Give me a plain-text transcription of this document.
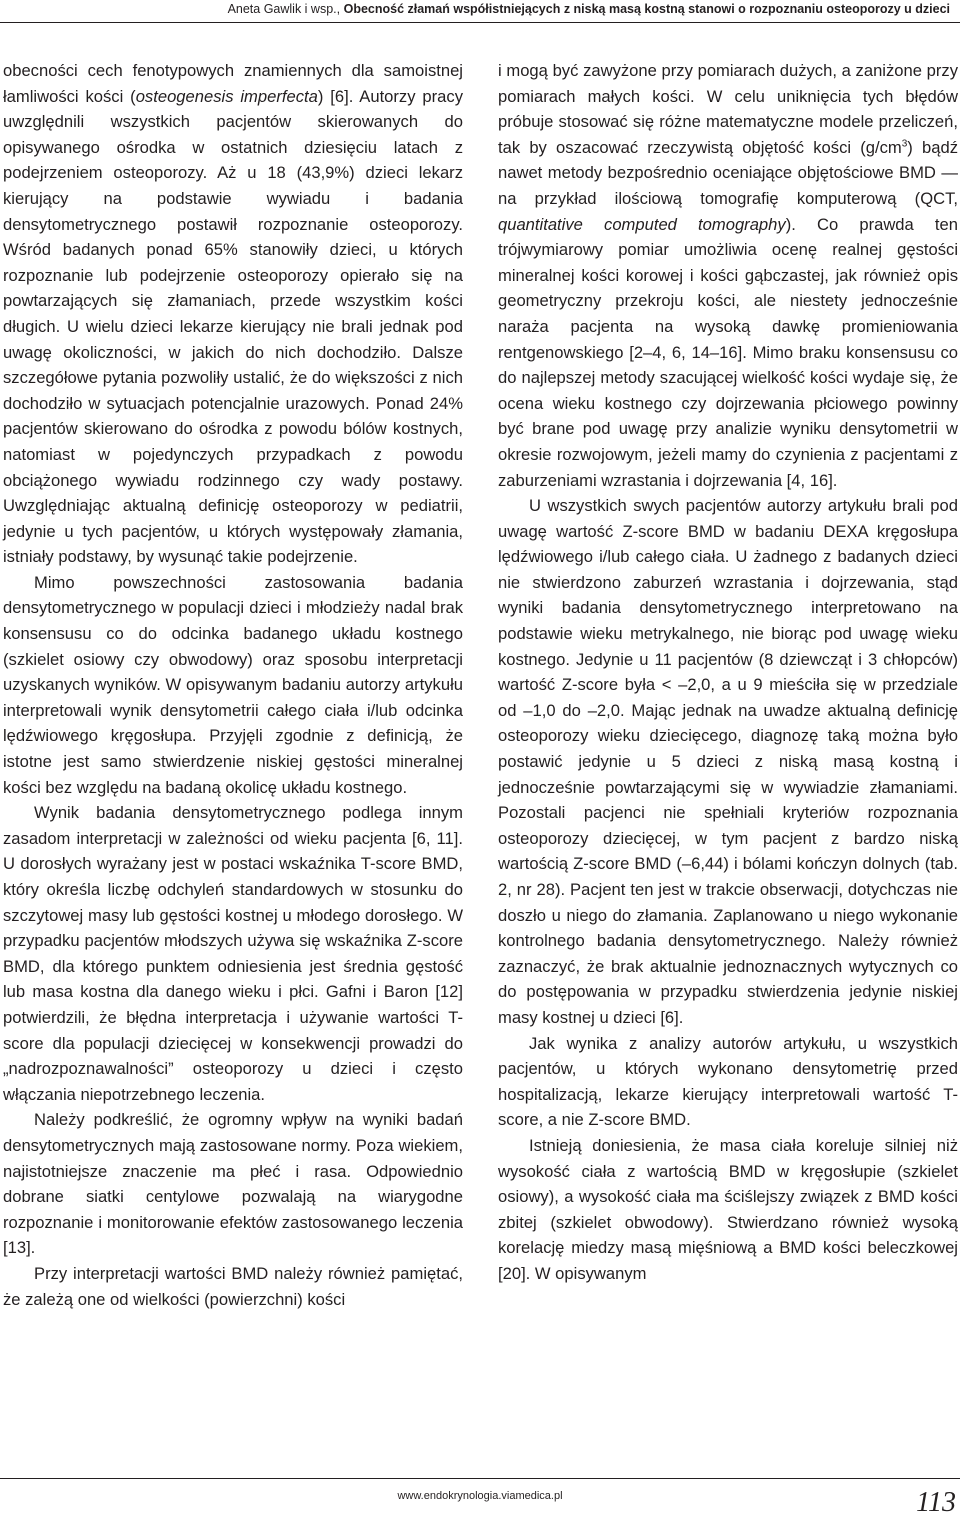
Aneta Gawlik i wsp., Obecność złamań współistniejących z niską masą kostną stanowi o rozpoznaniu osteoporozy u dzieci

obecności cech fenotypowych znamiennych dla samoistnej łamliwości kości (osteogenesis imperfecta) [6]. Autorzy pracy uwzględnili wszystkich pacjentów skierowanych do opisywanego ośrodka w ostatnich dziesięciu latach z podejrzeniem osteoporozy. Aż u 18 (43,9%) dzieci lekarz kierujący na podstawie wywiadu i badania densytometrycznego postawił rozpoznanie osteoporozy. Wśród badanych ponad 65% stanowiły dzieci, u których rozpoznanie lub podejrzenie osteoporozy opierało się na powtarzających się złamaniach, przede wszystkim kości długich. U wielu dzieci lekarze kierujący nie brali jednak pod uwagę okoliczności, w jakich do nich dochodziło. Dalsze szczegółowe pytania pozwoliły ustalić, że do większości z nich dochodziło w sytuacjach potencjalnie urazowych. Ponad 24% pacjentów skierowano do ośrodka z powodu bólów kostnych, natomiast w pojedynczych przypadkach z powodu obciążonego wywiadu rodzinnego czy wady postawy. Uwzględniając aktualną definicję osteoporozy w pediatrii, jedynie u tych pacjentów, u których występowały złamania, istniały podstawy, by wysunąć takie podejrzenie.

Mimo powszechności zastosowania badania densytometrycznego w populacji dzieci i młodzieży nadal brak konsensusu co do odcinka badanego układu kostnego (szkielet osiowy czy obwodowy) oraz sposobu interpretacji uzyskanych wyników. W opisywanym badaniu autorzy artykułu interpretowali wynik densytometrii całego ciała i/lub odcinka lędźwiowego kręgosłupa. Przyjęli zgodnie z definicją, że istotne jest samo stwierdzenie niskiej gęstości mineralnej kości bez względu na badaną okolicę układu kostnego.

Wynik badania densytometrycznego podlega innym zasadom interpretacji w zależności od wieku pacjenta [6, 11]. U dorosłych wyrażany jest w postaci wskaźnika T-score BMD, który określa liczbę odchyleń standardowych w stosunku do szczytowej masy lub gęstości kostnej u młodego dorosłego. W przypadku pacjentów młodszych używa się wskaźnika Z-score BMD, dla którego punktem odniesienia jest średnia gęstość lub masa kostna dla danego wieku i płci. Gafni i Baron [12] potwierdzili, że błędna interpretacja i używanie wartości T-score dla populacji dziecięcej w konsekwencji prowadzi do „nadrozpoznawalności” osteoporozy u dzieci i często włączania niepotrzebnego leczenia.

Należy podkreślić, że ogromny wpływ na wyniki badań densytometrycznych mają zastosowane normy. Poza wiekiem, najistotniejsze znaczenie ma płeć i rasa. Odpowiednio dobrane siatki centylowe pozwalają na wiarygodne rozpoznanie i monitorowanie efektów zastosowanego leczenia [13].

Przy interpretacji wartości BMD należy również pamiętać, że zależą one od wielkości (powierzchni) kości

i mogą być zawyżone przy pomiarach dużych, a zaniżone przy pomiarach małych kości. W celu uniknięcia tych błędów próbuje stosować się różne matematyczne modele przeliczeń, tak by oszacować rzeczywistą objętość kości $(g/cm^3)$ bądź nawet metody bezpośrednio oceniające objętościowe BMD — na przykład ilościową tomografię komputerową (QCT, quantitative computed tomography). Co prawda ten trójwymiarowy pomiar umożliwia ocenę realnej gęstości mineralnej kości korowej i kości gąbczastej, jak również opis geometryczny przekroju kości, ale niestety jednocześnie naraża pacjenta na wysoką dawkę promieniowania rentgenowskiego [2–4, 6, 14–16]. Mimo braku konsensusu co do najlepszej metody szacującej wielkość kości wydaje się, że ocena wieku kostnego czy dojrzewania płciowego powinny być brane pod uwagę przy analizie wyniku densytometrii w okresie rozwojowym, jeżeli mamy do czynienia z pacjentami z zaburzeniami wzrastania i dojrzewania [4, 16].

U wszystkich swych pacjentów autorzy artykułu brali pod uwagę wartość Z-score BMD w badaniu DEXA kręgosłupa lędźwiowego i/lub całego ciała. U żadnego z badanych dzieci nie stwierdzono zaburzeń wzrastania i dojrzewania, stąd wyniki badania densytometrycznego interpretowano na podstawie wieku metrykalnego, nie biorąc pod uwagę wieku kostnego. Jedynie u 11 pacjentów (8 dziewcząt i 3 chłopców) wartość Z-score była < –2,0, a u 9 mieściła się w przedziale od –1,0 do –2,0. Mając jednak na uwadze aktualną definicję osteoporozy wieku dziecięcego, diagnozę taką można było postawić jedynie u 5 dzieci z niską masą kostną i jednocześnie powtarzającymi się w wywiadzie złamaniami. Pozostali pacjenci nie spełniali kryteriów rozpoznania osteoporozy dziecięcej, w tym pacjent z bardzo niską wartością Z-score BMD (–6,44) i bólami kończyn dolnych (tab. 2, nr 28). Pacjent ten jest w trakcie obserwacji, dotychczas nie doszło u niego do złamania. Zaplanowano u niego wykonanie kontrolnego badania densytometrycznego. Należy również zaznaczyć, że brak aktualnie jednoznacznych wytycznych co do postępowania w przypadku stwierdzenia jedynie niskiej masy kostnej u dzieci [6].

Jak wynika z analizy autorów artykułu, u wszystkich pacjentów, u których wykonano densytometrię przed hospitalizacją, lekarze kierujący interpretowali wartość T-score, a nie Z-score BMD.

Istnieją doniesienia, że masa ciała koreluje silniej niż wysokość ciała z wartością BMD w kręgosłupie (szkielet osiowy), a wysokość ciała ma ściślejszy związek z BMD kości zbitej (szkielet obwodowy). Stwierdzano również wysoką korelację miedzy masą mięśniową a BMD kości beleczkowej [20]. W opisywanym

www.endokrynologia.viamedica.pl	113
